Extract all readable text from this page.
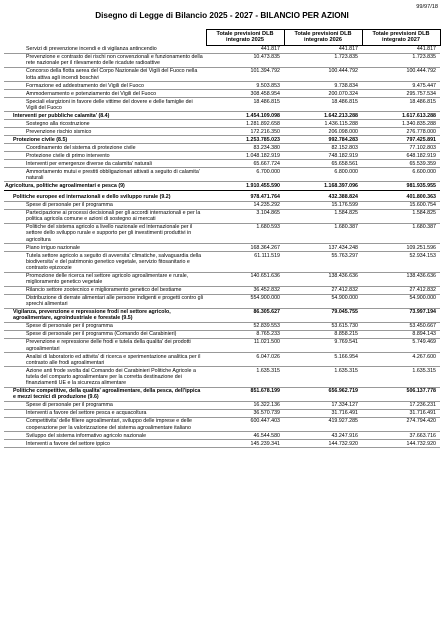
99/97/18
Disegno di Legge di Bilancio 2025 - 2027 - BILANCIO PER AZIONI
	Totale previsioni DLB integrato 2025	Totale previsioni DLB integrato 2026	Totale previsioni DLB integrato 2027
Servizi di prevenzione incendi e di vigilanza antincendio	441.817	441.817	441.817
Prevenzione e contrasto dei rischi non convenzionali e funzionamento della rete nazionale per il rilevamento delle ricadute radioattive	10.473.835	1.723.835	1.723.835
Concorso della flotta aerea del Corpo Nazionale dei Vigili del Fuoco nella lotta attiva agli incendi boschivi	101.394.792	100.444.792	100.444.792
Formazione ed addestramento dei Vigili del Fuoco	9.503.853	9.738.834	9.475.447
Ammodernamento e potenziamento dei Vigili del Fuoco	308.458.954	200.070.324	295.757.534
Speciali elargizioni in favore delle vittime del dovere e delle famiglie dei Vigili del Fuoco	18.486.815	18.486.815	18.486.815
Interventi per pubbliche calamita' (8.4)	1.454.109.098	1.642.213.288	1.617.613.288
Sostegno alla ricostruzione	1.281.892.658	1.436.115.288	1.340.835.288
Prevenzione rischio sismico	172.216.350	206.098.000	276.778.000
Protezione civile (8.5)	1.253.785.023	992.784.283	797.425.891
Coordinamento del sistema di protezione civile	83.234.380	82.152.803	77.102.803
Protezione civile di primo intervento	1.048.182.919	748.182.919	648.182.919
Interventi per emergenze diverse da calamita' naturali	65.667.724	65.658.561	65.539.359
Ammortamento mutui e prestiti obbligazionari attivati a seguito di calamita' naturali	6.700.000	6.800.000	6.600.000
Agricoltura, politiche agroalimentari e pesca (9)	1.910.455.590	1.168.397.096	981.935.955
Politiche europee ed internazionali e dello sviluppo rurale (9.2)	978.471.764	432.388.824	401.800.363
Spese di personale per il programma	14.235.292	15.176.599	15.600.754
Partecipazione ai processi decisionali per gli accordi internazionali e per la politica agricola comune e azioni di sostegno ai mercati	3.104.865	1.584.825	1.584.825
Politiche del sistema agricolo a livello nazionale ed internazionale per il settore dello sviluppo rurale e supporto per gli investimenti produttivi in agricoltura	1.680.593	1.680.387	1.680.387
Piano irriguo nazionale	168.364.267	137.434.248	109.251.596
Tutela settore agricolo a seguito di avversita' climatiche, salvaguardia della biodiversita' e del patrimonio genetico vegetale, servizio fitosanitario e contrasto epizoozie	61.111.519	55.763.297	52.934.153
Promozione delle ricerca nel settore agricolo agroalimentare e rurale, miglioramento genetico vegetale	140.651.636	138.436.636	138.436.636
Rilancio settore zootecnico e miglioramento genetico del bestiame	36.452.832	27.412.832	27.412.832
Distribuzione di derrate alimentari alle persone indigenti e progetti contro gli sprechi alimentari	554.900.000	54.900.000	54.900.000
Vigilanza, prevenzione e repressione frodi nel settore agricolo, agroalimentare, agroindustriale e forestale (9.5)	86.305.627	79.045.755	73.997.194
Spese di personale per il programma	52.839.553	53.615.730	53.450.667
Spese di personale per il programma (Comando dei Carabinieri)	8.765.233	8.858.215	8.894.143
Prevenzione e repressione delle frodi e tutela della qualita' dei prodotti agroalimentari	11.021.500	9.769.541	5.749.469
Analisi di laboratorio ed attivita' di ricerca e sperimentazione analitica per il contrasto alle frodi agroalimentari	6.047.026	5.166.954	4.267.600
Azione anti frode svolta dal Comando dei Carabinieri Politiche Agricole a tutela del comparto agroalimentare per la corretta destinazione dei finanziamenti UE e la sicurezza alimentare	1.635.315	1.635.315	1.635.315
Politiche competitive, della qualita' agroalimentare, della pesca, dell'ippica e mezzi tecnici di produzione (9.6)	851.678.199	656.962.719	506.137.778
Spese di personale per il programma	16.322.136	17.334.127	17.236.231
Interventi a favore del settore pesca e acquacoltura	36.570.739	31.716.491	31.716.491
Competitivita' delle filiere agroalimentari, sviluppo delle imprese e delle cooperazione per la valorizzazione del sistema agroalimentare italiano	600.447.403	419.927.285	274.794.420
Sviluppo del sistema informativo agricolo nazionale	46.544.580	43.247.916	37.663.716
Interventi a favore del settore ippico	145.239.341	144.732.920	144.732.920
